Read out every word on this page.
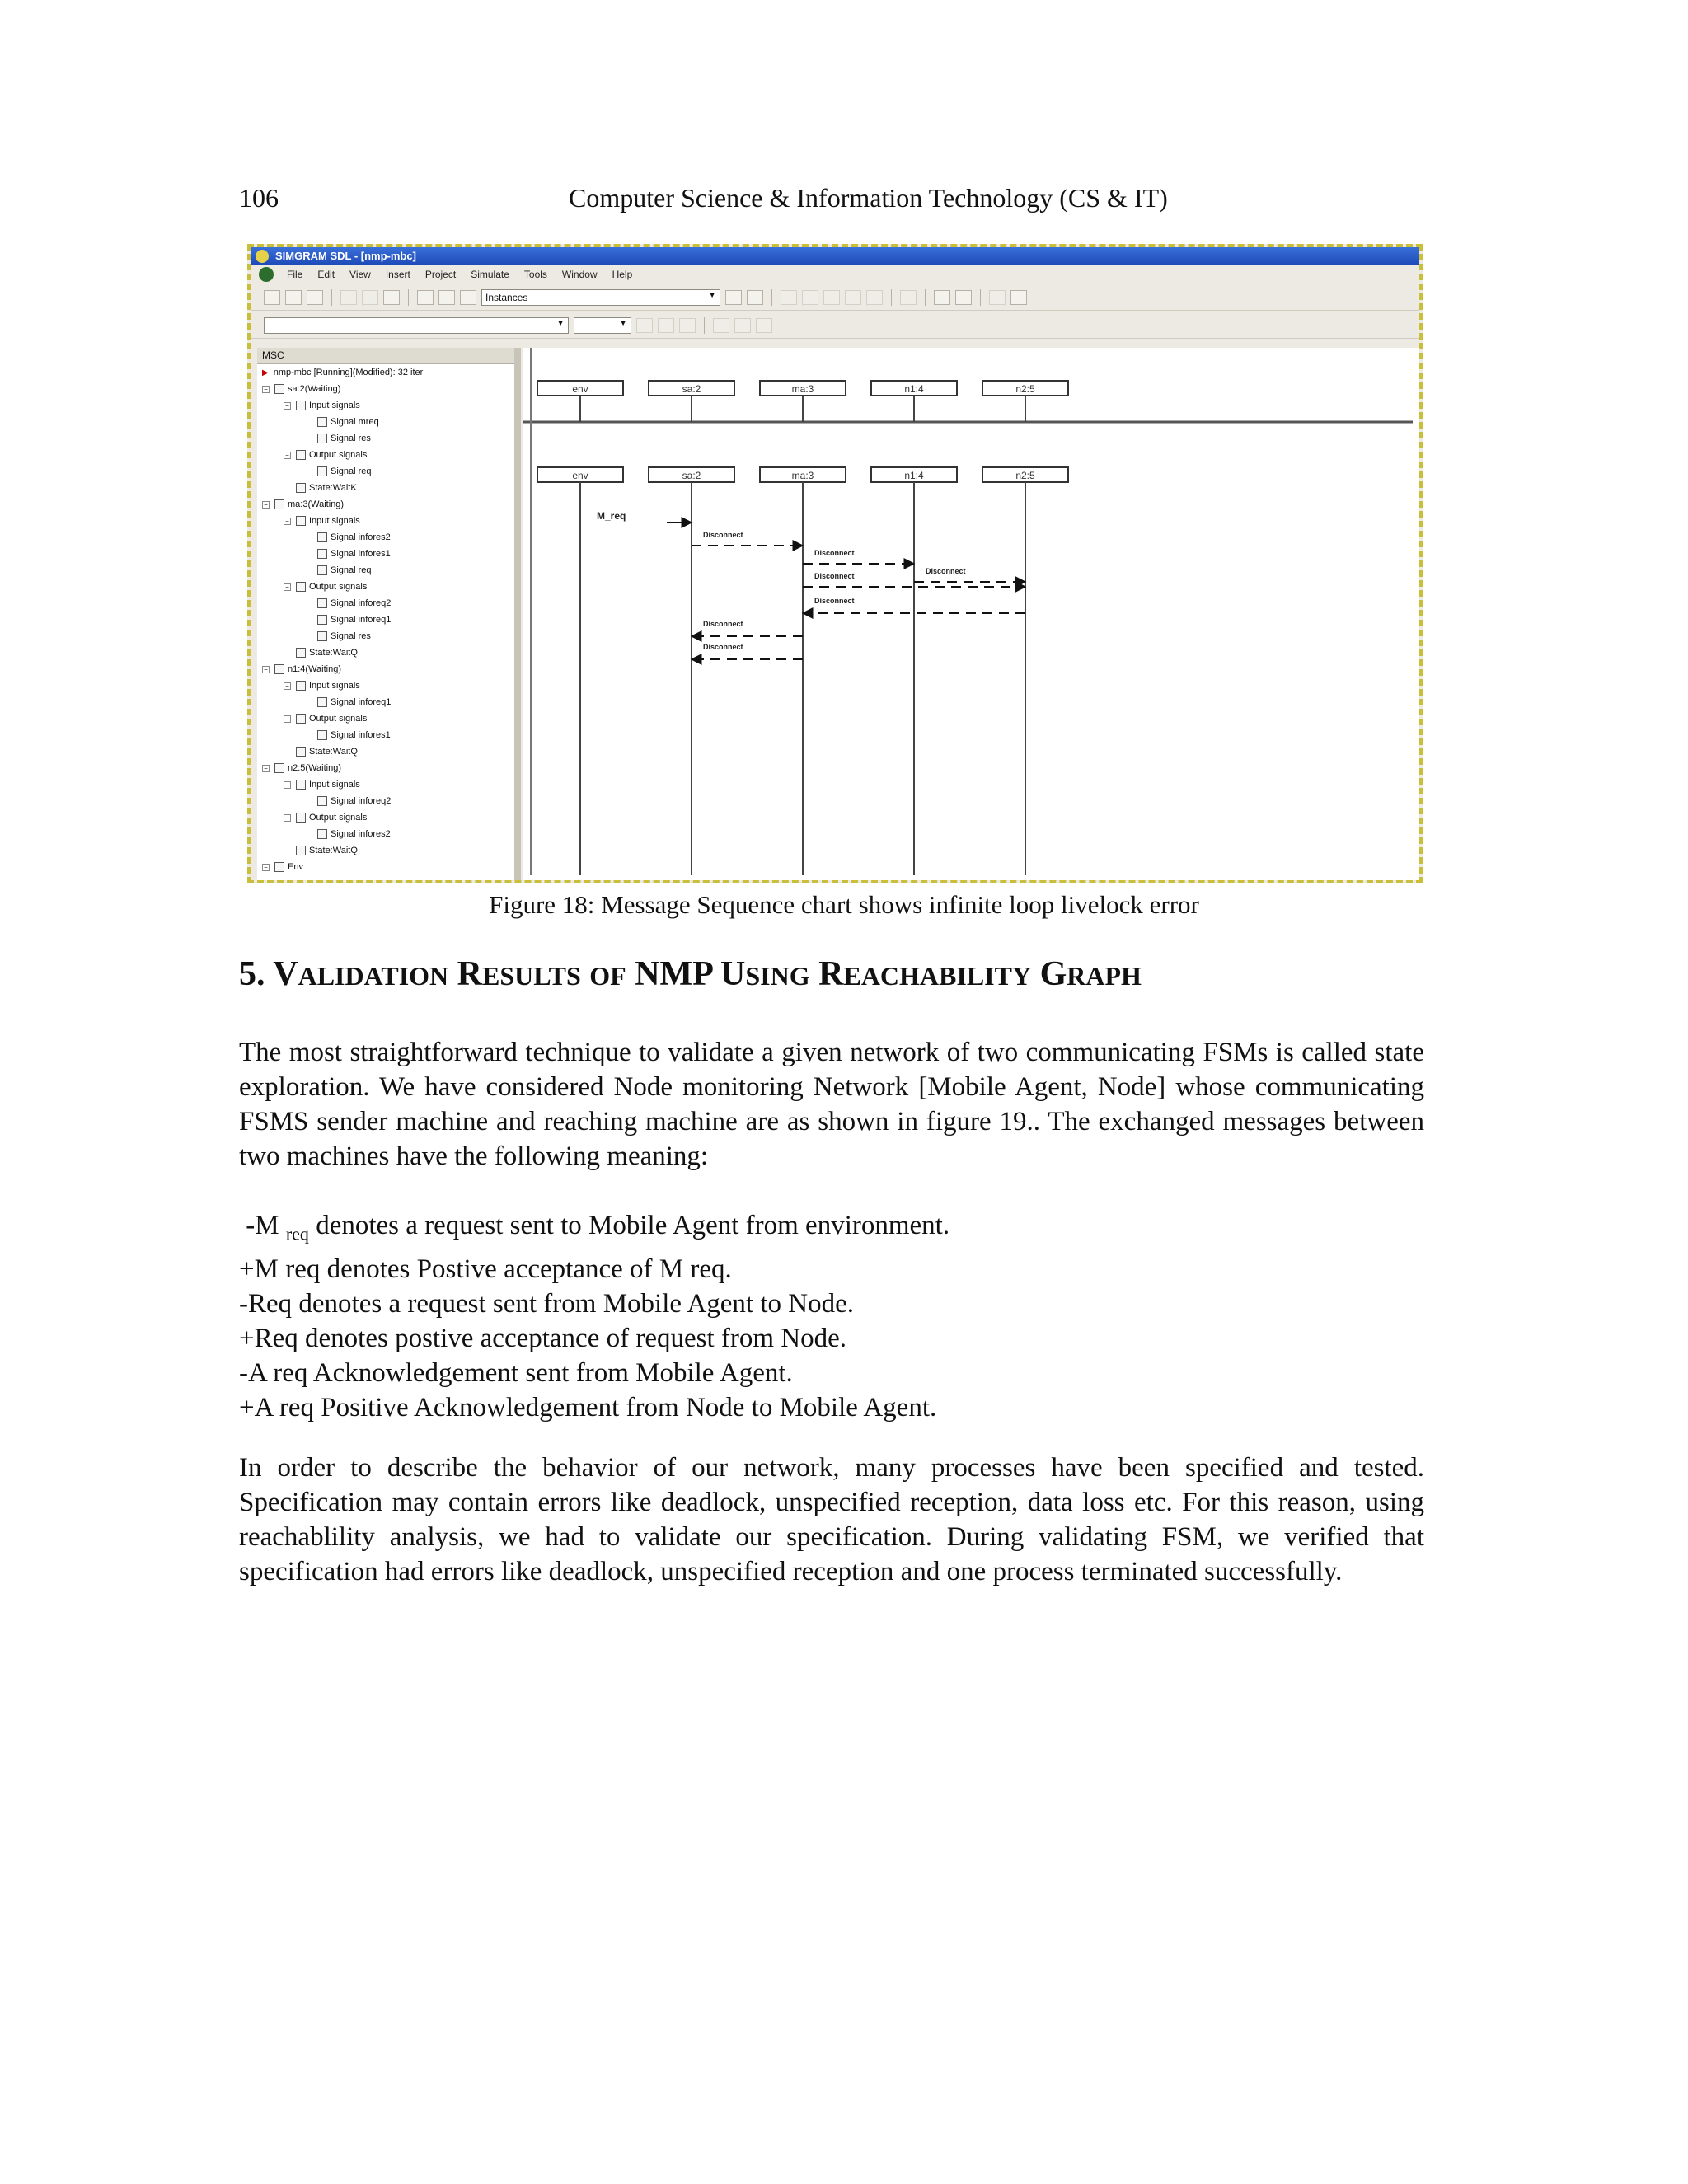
106	Computer Science & Information Technology (CS & IT)
SIMGRAM SDL - [nmp-mbc]
File Edit View Insert Project Simulate Tools Window Help
Instances	▼
▼	▼
MSC
▶ nmp-mbc [Running](Modified): 32 iter
− sa:2(Waiting)
− Input signals
Signal mreq
Signal res
− Output signals
Signal req
State:WaitK
− ma:3(Waiting)
− Input signals
Signal infores2
Signal infores1
Signal req
− Output signals
Signal inforeq2
Signal inforeq1
Signal res
State:WaitQ
− n1:4(Waiting)
− Input signals
Signal inforeq1
− Output signals
Signal infores1
State:WaitQ
− n2:5(Waiting)
− Input signals
Signal inforeq2
− Output signals
Signal infores2
State:WaitQ
− Env
env	sa:2	ma:3	n1:4	n2:5
env	sa:2	ma:3	n1:4	n2:5
M_req
Disconnect
Disconnect
Disconnect
Disconnect
Disconnect
Disconnect
Disconnect
Figure 18: Message Sequence chart shows infinite loop livelock error
5. VALIDATION RESULTS OF NMP USING REACHABILITY GRAPH

The most straightforward technique to validate a given network of two communicating FSMs is called state exploration. We have considered Node monitoring Network [Mobile Agent, Node] whose communicating FSMS sender machine and reaching machine are as shown in figure 19.. The exchanged messages between two machines have the following meaning:

-M $_{req}$ denotes a request sent to Mobile Agent from environment.
+M req denotes Postive acceptance of M req.
-Req denotes a request sent from Mobile Agent to Node.
+Req denotes postive acceptance of request from Node.
-A req Acknowledgement sent from Mobile Agent.
+A req Positive Acknowledgement from Node to Mobile Agent.

In order to describe the behavior of our network, many processes have been specified and tested. Specification may contain errors like deadlock, unspecified reception, data loss etc. For this reason, using reachablility analysis, we had to validate our specification. During validating FSM, we verified that specification had errors like deadlock, unspecified reception and one process terminated successfully.
